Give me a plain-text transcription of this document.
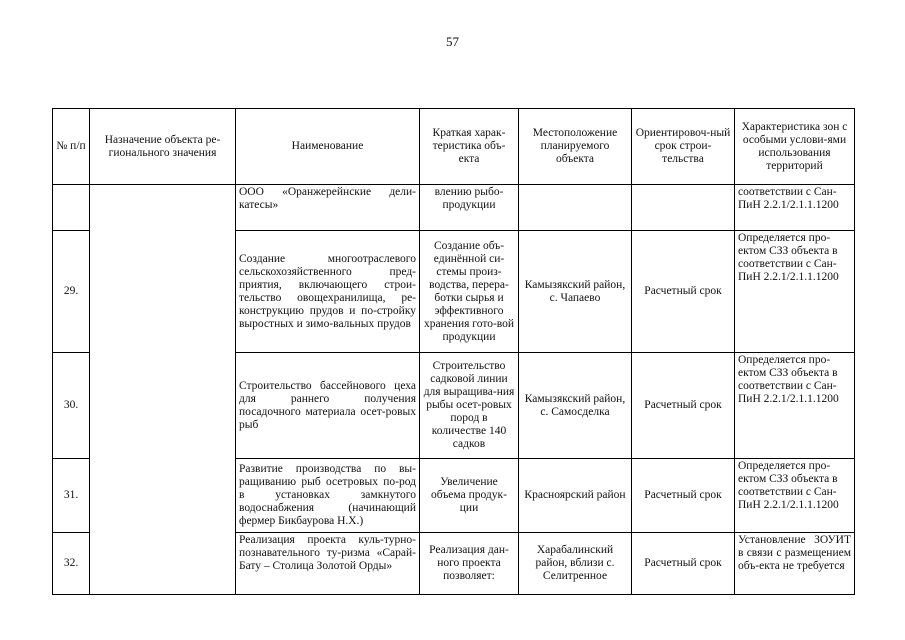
57
№ п/п	Назначение объекта ре-гионального значения	Наименование	Краткая харак-теристика объ-екта	Местоположение планируемого объекта	Ориентировоч-ный срок строи-тельства	Характеристика зон с особыми услови-ями использования территорий
		ООО «Оранжерейнские дели-катесы»	влению рыбо-продукции			соответствии с Сан-ПиН 2.2.1/2.1.1.1200
29.		Создание многоотраслевого сельскохозяйственного пред-приятия, включающего строи-тельство овощехранилища, ре-конструкцию прудов и по-стройку выростных и зимо-вальных прудов	Создание объ-единённой си-стемы произ-водства, перера-ботки сырья и эффективного хранения гото-вой продукции	Камызякский район, с. Чапаево	Расчетный срок	Определяется про-ектом СЗЗ объекта в соответствии с Сан-ПиН 2.2.1/2.1.1.1200
30.		Строительство бассейнового цеха для раннего получения посадочного материала осет-ровых рыб	Строительство садковой линии для выращива-ния рыбы осет-ровых пород в количестве 140 садков	Камызякский район, с. Самосделка	Расчетный срок	Определяется про-ектом СЗЗ объекта в соответствии с Сан-ПиН 2.2.1/2.1.1.1200
31.		Развитие производства по вы-ращиванию рыб осетровых по-род в установках замкнутого водоснабжения (начинающий фермер Бикбаурова Н.Х.)	Увеличение объема продук-ции	Красноярский район	Расчетный срок	Определяется про-ектом СЗЗ объекта в соответствии с Сан-ПиН 2.2.1/2.1.1.1200
32.		Реализация проекта куль-турно-познавательного ту-ризма «Сарай-Бату – Столица Золотой Орды»	Реализация дан-ного проекта позволяет:	Харабалинский район, вблизи с. Селитренное	Расчетный срок	Установление ЗОУИТ в связи с размещением объ-екта не требуется
